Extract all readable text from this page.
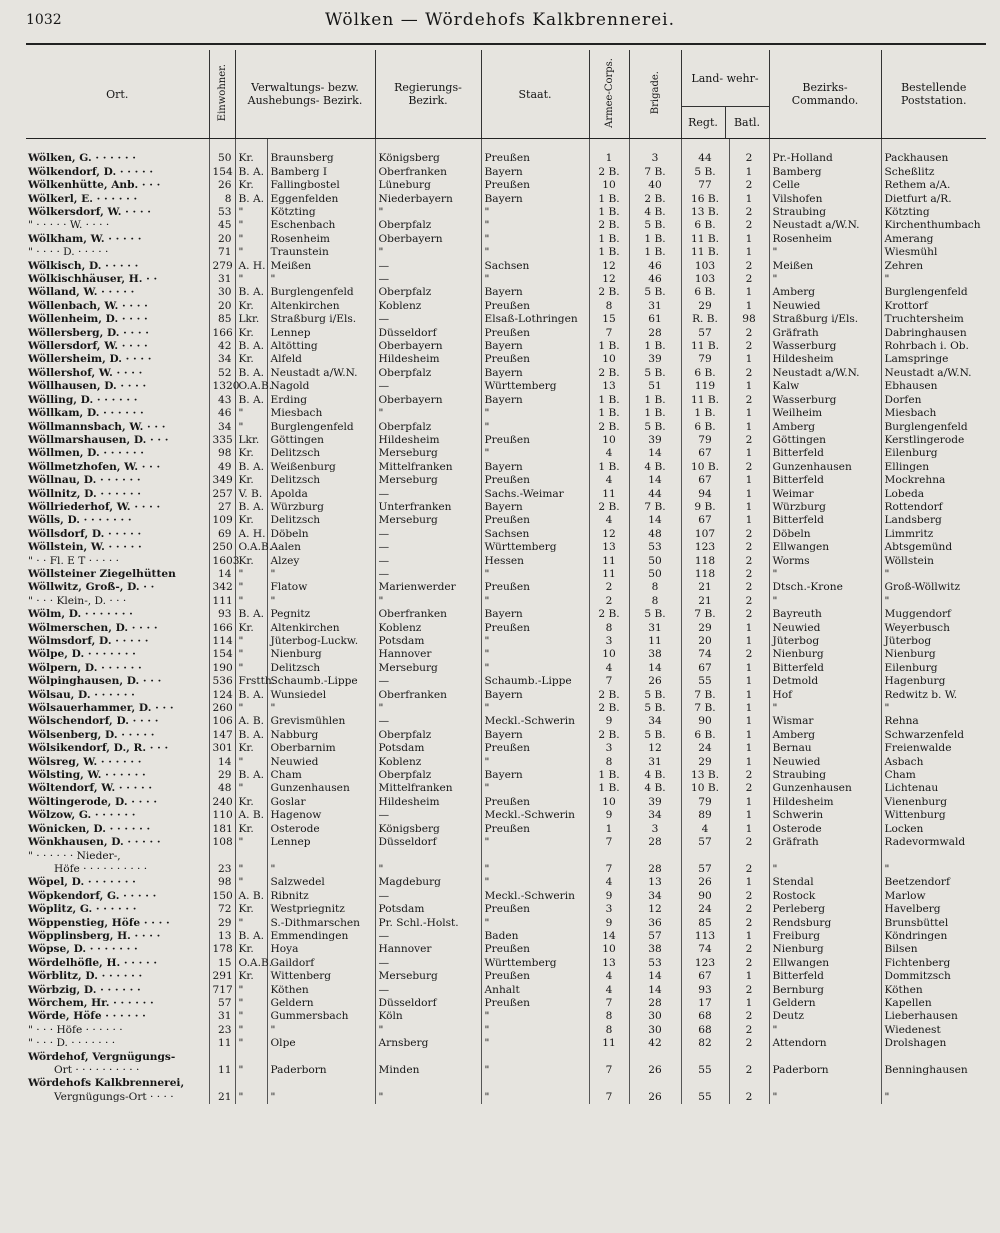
1032	Wölken — Wördehofs Kalkbrennerei.
Ort.	Einwohner.	Verwaltungs- bezw. Aushebungs- Bezirk.		Regierungs- Bezirk.	Staat.	Armee-Corps.	Brigade.	Land- wehr-
Regt. Batl.		Bezirks- Commando.	Bestellende Poststation.

Wölken, G. · · · · · ·	50	Kr.	Braunsberg	Königsberg	Preußen	1	3	44	2	Pr.-Holland	Packhausen
Wölkendorf, D. · · · · ·	154	B. A.	Bamberg I	Oberfranken	Bayern	2 B.	7 B.	5 B.	1	Bamberg	Scheßlitz
Wölkenhütte, Anb. · · ·	26	Kr.	Fallingbostel	Lüneburg	Preußen	10	40	77	2	Celle	Rethem a/A.
Wölkerl, E. · · · · · ·	8	B. A.	Eggenfelden	Niederbayern	Bayern	1 B.	2 B.	16 B.	1	Vilshofen	Dietfurt a/R.
Wölkersdorf, W. · · · ·	53	"	Kötzting	"	"	1 B.	4 B.	13 B.	2	Straubing	Kötzting
" · · · · · W. · · · ·	45	"	Eschenbach	Oberpfalz	"	2 B.	5 B.	6 B.	2	Neustadt a/W.N.	Kirchenthumbach
Wölkham, W. · · · · ·	20	"	Rosenheim	Oberbayern	"	1 B.	1 B.	11 B.	1	Rosenheim	Amerang
" · · · · D. · · · · ·	71	"	Traunstein	"	"	1 B.	1 B.	11 B.	1	"	Wiesmühl
Wölkisch, D. · · · · ·	279	A. H.	Meißen	—	Sachsen	12	46	103	2	Meißen	Zehren
Wölkischhäuser, H. · ·	31	"	"	—	"	12	46	103	2	"	"
Wölland, W. · · · · ·	30	B. A.	Burglengenfeld	Oberpfalz	Bayern	2 B.	5 B.	6 B.	1	Amberg	Burglengenfeld
Wöllenbach, W. · · · ·	20	Kr.	Altenkirchen	Koblenz	Preußen	8	31	29	1	Neuwied	Krottorf
Wöllenheim, D. · · · ·	85	Lkr.	Straßburg i/Els.	—	Elsaß-Lothringen	15	61	R. B.	98	Straßburg i/Els.	Truchtersheim
Wöllersberg, D. · · · ·	166	Kr.	Lennep	Düsseldorf	Preußen	7	28	57	2	Gräfrath	Dabringhausen
Wöllersdorf, W. · · · ·	42	B. A.	Altötting	Oberbayern	Bayern	1 B.	1 B.	11 B.	2	Wasserburg	Rohrbach i. Ob.
Wöllersheim, D. · · · ·	34	Kr.	Alfeld	Hildesheim	Preußen	10	39	79	1	Hildesheim	Lamspringe
Wöllershof, W. · · · ·	52	B. A.	Neustadt a/W.N.	Oberpfalz	Bayern	2 B.	5 B.	6 B.	2	Neustadt a/W.N.	Neustadt a/W.N.
Wöllhausen, D. · · · ·	1320	O.A.B.	Nagold	—	Württemberg	13	51	119	1	Kalw	Ebhausen
Wölling, D. · · · · · ·	43	B. A.	Erding	Oberbayern	Bayern	1 B.	1 B.	11 B.	2	Wasserburg	Dorfen
Wöllkam, D. · · · · · ·	46	"	Miesbach	"	"	1 B.	1 B.	1 B.	1	Weilheim	Miesbach
Wöllmannsbach, W. · · ·	34	"	Burglengenfeld	Oberpfalz	"	2 B.	5 B.	6 B.	1	Amberg	Burglengenfeld
Wöllmarshausen, D. · · ·	335	Lkr.	Göttingen	Hildesheim	Preußen	10	39	79	2	Göttingen	Kerstlingerode
Wöllmen, D. · · · · · ·	98	Kr.	Delitzsch	Merseburg	"	4	14	67	1	Bitterfeld	Eilenburg
Wöllmetzhofen, W. · · ·	49	B. A.	Weißenburg	Mittelfranken	Bayern	1 B.	4 B.	10 B.	2	Gunzenhausen	Ellingen
Wöllnau, D. · · · · · ·	349	Kr.	Delitzsch	Merseburg	Preußen	4	14	67	1	Bitterfeld	Mockrehna
Wöllnitz, D. · · · · · ·	257	V. B.	Apolda	—	Sachs.-Weimar	11	44	94	1	Weimar	Lobeda
Wöllriederhof, W. · · · ·	27	B. A.	Würzburg	Unterfranken	Bayern	2 B.	7 B.	9 B.	1	Würzburg	Rottendorf
Wölls, D. · · · · · · ·	109	Kr.	Delitzsch	Merseburg	Preußen	4	14	67	1	Bitterfeld	Landsberg
Wöllsdorf, D. · · · · ·	69	A. H.	Döbeln	—	Sachsen	12	48	107	2	Döbeln	Limmritz
Wöllstein, W. · · · · ·	250	O.A.B.	Aalen	—	Württemberg	13	53	123	2	Ellwangen	Abtsgemünd
" · · Fl. E T · · · · ·	1603	Kr.	Alzey	—	Hessen	11	50	118	2	Worms	Wöllstein
Wöllsteiner Ziegelhütten	14	"	"	—	"	11	50	118	2	"	"
Wöllwitz, Groß-, D. · ·	342	"	Flatow	Marienwerder	Preußen	2	8	21	2	Dtsch.-Krone	Groß-Wöllwitz
" · · · Klein-, D. · · ·	111	"	"	"	"	2	8	21	2	"	"
Wölm, D. · · · · · · ·	93	B. A.	Pegnitz	Oberfranken	Bayern	2 B.	5 B.	7 B.	2	Bayreuth	Muggendorf
Wölmerschen, D. · · · ·	166	Kr.	Altenkirchen	Koblenz	Preußen	8	31	29	1	Neuwied	Weyerbusch
Wölmsdorf, D. · · · · ·	114	"	Jüterbog-Luckw.	Potsdam	"	3	11	20	1	Jüterbog	Jüterbog
Wölpe, D. · · · · · · ·	154	"	Nienburg	Hannover	"	10	38	74	2	Nienburg	Nienburg
Wölpern, D. · · · · · ·	190	"	Delitzsch	Merseburg	"	4	14	67	1	Bitterfeld	Eilenburg
Wölpinghausen, D. · · ·	536	Frstth.	Schaumb.-Lippe	—	Schaumb.-Lippe	7	26	55	1	Detmold	Hagenburg
Wölsau, D. · · · · · ·	124	B. A.	Wunsiedel	Oberfranken	Bayern	2 B.	5 B.	7 B.	1	Hof	Redwitz b. W.
Wölsauerhammer, D. · · ·	260	"	"	"	"	2 B.	5 B.	7 B.	1	"	"
Wölschendorf, D. · · · ·	106	A. B.	Grevismühlen	—	Meckl.-Schwerin	9	34	90	1	Wismar	Rehna
Wölsenberg, D. · · · · ·	147	B. A.	Nabburg	Oberpfalz	Bayern	2 B.	5 B.	6 B.	1	Amberg	Schwarzenfeld
Wölsikendorf, D., R. · · ·	301	Kr.	Oberbarnim	Potsdam	Preußen	3	12	24	1	Bernau	Freienwalde
Wölsreg, W. · · · · · ·	14	"	Neuwied	Koblenz	"	8	31	29	1	Neuwied	Asbach
Wölsting, W. · · · · · ·	29	B. A.	Cham	Oberpfalz	Bayern	1 B.	4 B.	13 B.	2	Straubing	Cham
Wöltendorf, W. · · · · ·	48	"	Gunzenhausen	Mittelfranken	"	1 B.	4 B.	10 B.	2	Gunzenhausen	Lichtenau
Wöltingerode, D. · · · ·	240	Kr.	Goslar	Hildesheim	Preußen	10	39	79	1	Hildesheim	Vienenburg
Wölzow, G. · · · · · ·	110	A. B.	Hagenow	—	Meckl.-Schwerin	9	34	89	1	Schwerin	Wittenburg
Wönicken, D. · · · · · ·	181	Kr.	Osterode	Königsberg	Preußen	1	3	4	1	Osterode	Locken
Wönkhausen, D. · · · · ·	108	"	Lennep	Düsseldorf	"	7	28	57	2	Gräfrath	Radevormwald
" · · · · · · Nieder-,											
Höfe · · · · · · · · · ·	23	"	"	"	"	7	28	57	2	"	"
Wöpel, D. · · · · · · ·	98	"	Salzwedel	Magdeburg	"	4	13	26	1	Stendal	Beetzendorf
Wöpkendorf, G. · · · · ·	150	A. B.	Ribnitz	—	Meckl.-Schwerin	9	34	90	2	Rostock	Marlow
Wöplitz, G. · · · · · ·	72	Kr.	Westpriegnitz	Potsdam	Preußen	3	12	24	2	Perleberg	Havelberg
Wöppenstieg, Höfe · · · ·	29	"	S.-Dithmarschen	Pr. Schl.-Holst.	"	9	36	85	2	Rendsburg	Brunsbüttel
Wöpplinsberg, H. · · · ·	13	B. A.	Emmendingen	—	Baden	14	57	113	1	Freiburg	Köndringen
Wöpse, D. · · · · · · ·	178	Kr.	Hoya	Hannover	Preußen	10	38	74	2	Nienburg	Bilsen
Wördelhöfle, H. · · · · ·	15	O.A.B.	Gaildorf	—	Württemberg	13	53	123	2	Ellwangen	Fichtenberg
Wörblitz, D. · · · · · ·	291	Kr.	Wittenberg	Merseburg	Preußen	4	14	67	1	Bitterfeld	Dommitzsch
Wörbzig, D. · · · · · ·	717	"	Köthen	—	Anhalt	4	14	93	2	Bernburg	Köthen
Wörchem, Hr. · · · · · ·	57	"	Geldern	Düsseldorf	Preußen	7	28	17	1	Geldern	Kapellen
Wörde, Höfe · · · · · ·	31	"	Gummersbach	Köln	"	8	30	68	2	Deutz	Lieberhausen
" · · · Höfe · · · · · ·	23	"	"	"	"	8	30	68	2	"	Wiedenest
" · · · D. · · · · · · ·	11	"	Olpe	Arnsberg	"	11	42	82	2	Attendorn	Drolshagen
Wördehof, Vergnügungs-											
Ort · · · · · · · · · ·	11	"	Paderborn	Minden	"	7	26	55	2	Paderborn	Benninghausen
Wördehofs Kalkbrennerei,											
Vergnügungs-Ort · · · ·	21	"	"	"	"	7	26	55	2	"	"
